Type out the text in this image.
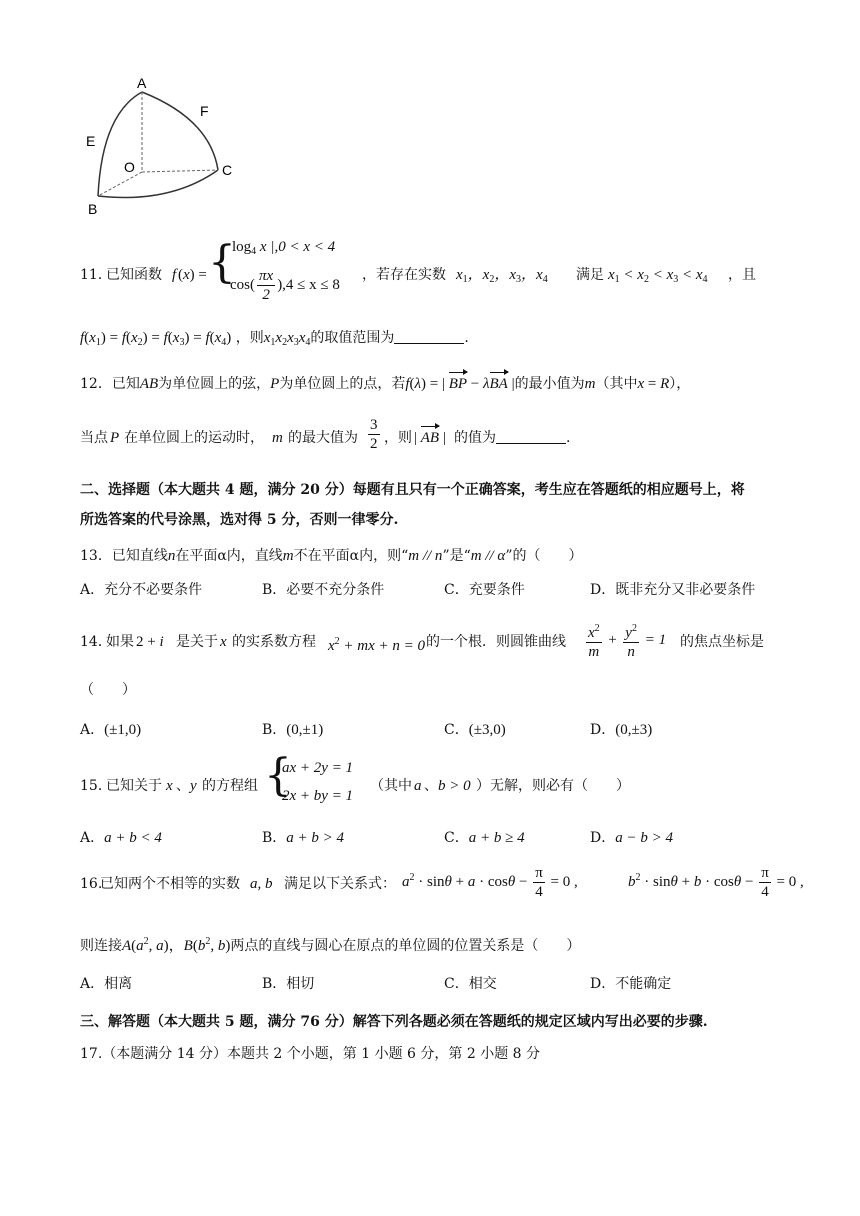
A
F
E
O	C
B
11．
已知函数 f (x) = {
$\log_4 x$ |,0 < x < 4
$\cos( \frac{\pi x}{2} ),4 \le x \le 8$
，若存在实数 $x_1$，$x_2$，$x_3$，$x_4$ 满足 $x_1 < x_2 < x_3 < x_4$ ，且
$f(x_1) = f(x_2) = f(x_3) = f(x_4)$ ，则$x_1x_2x_3x_4$的取值范围为	.
12．已知AB为单位圆上的弦，P为单位圆上的点，若f(λ) = | BP − λBA |的最小值为m（其中x = R），
当点 P 在单位圆上的运动时， m 的最大值为 $\frac{3}{2}$ ，则 | AB | 的值为	.
二、选择题（本大题共 4 题，满分 20 分）每题有且只有一个正确答案，考生应在答题纸的相应题号上，将
所选答案的代号涂黑，选对得 5 分，否则一律零分.
13．已知直线n在平面α内，直线m不在平面α内，则“m // n”是“m // α”的（　　）
A．充分不必要条件	B．必要不充分条件	C．充要条件	D．既非充分又非必要条件
14．
如果 2 + i 是关于 x 的实系数方程 $x^2$ + mx + n = 0 的一个根．则圆锥曲线 $\frac{x^2}{m} + \frac{y^2}{n} = 1$ 的焦点坐标是
（　　）
A．(±1,0)	B．(0,±1)	C．(±3,0)	D．(0,±3)
15．
已知关于 x 、 y 的方程组 {
ax + 2y = 1
2x + by = 1
（其中 a 、 b > 0 ）无解，则必有（　　）
A．a + b < 4	B．a + b > 4	C．a + b ≥ 4	D．a − b > 4
16.
已知两个不相等的实数 a, b 满足以下关系式： $a^2 \cdot \sin\theta + a \cdot \cos\theta - \frac{\pi}{4} = 0$ ,	$b^2 \cdot \sin\theta + b \cdot \cos\theta - \frac{\pi}{4} = 0$ ,
则连接$A(a^2$, a)，$B(b^2$, b)两点的直线与圆心在原点的单位圆的位置关系是（　　）
A．相离	B．相切	C．相交	D．不能确定
三、解答题（本大题共 5 题，满分 76 分）解答下列各题必须在答题纸的规定区域内写出必要的步骤.
17.（本题满分 14 分）本题共 2 个小题，第 1 小题 6 分，第 2 小题 8 分
